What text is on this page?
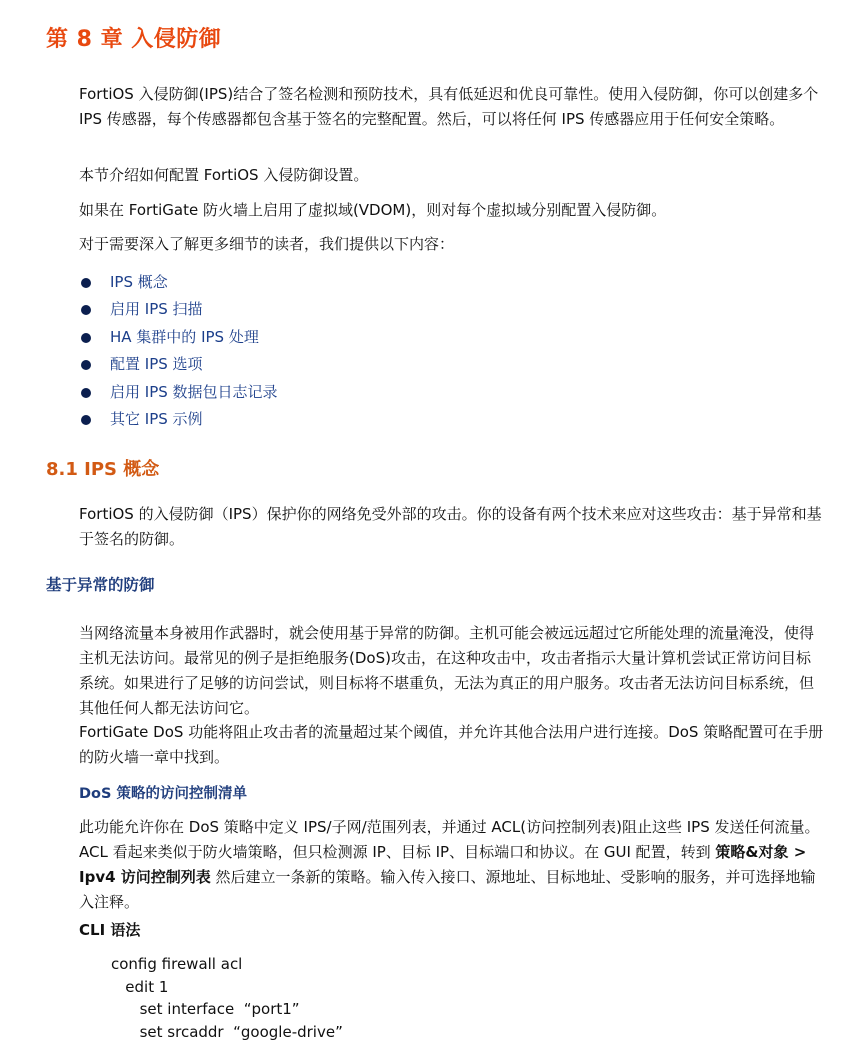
第 8 章 入侵防御

FortiOS 入侵防御(IPS)结合了签名检测和预防技术，具有低延迟和优良可靠性。使用入侵防御，你可以创建多个 IPS 传感器，每个传感器都包含基于签名的完整配置。然后，可以将任何 IPS 传感器应用于任何安全策略。

本节介绍如何配置 FortiOS 入侵防御设置。

如果在 FortiGate 防火墙上启用了虚拟域(VDOM)，则对每个虚拟域分别配置入侵防御。

对于需要深入了解更多细节的读者，我们提供以下内容：

IPS 概念
启用 IPS 扫描
HA 集群中的 IPS 处理
配置 IPS 选项
启用 IPS 数据包日志记录
其它 IPS 示例
8.1 IPS 概念

FortiOS 的入侵防御（IPS）保护你的网络免受外部的攻击。你的设备有两个技术来应对这些攻击：基于异常和基于签名的防御。

基于异常的防御

当网络流量本身被用作武器时，就会使用基于异常的防御。主机可能会被远远超过它所能处理的流量淹没，使得主机无法访问。最常见的例子是拒绝服务(DoS)攻击，在这种攻击中，攻击者指示大量计算机尝试正常访问目标系统。如果进行了足够的访问尝试，则目标将不堪重负，无法为真正的用户服务。攻击者无法访问目标系统，但其他任何人都无法访问它。

FortiGate DoS 功能将阻止攻击者的流量超过某个阈值，并允许其他合法用户进行连接。DoS 策略配置可在手册的防火墙一章中找到。

DoS 策略的访问控制清单

此功能允许你在 DoS 策略中定义 IPS/子网/范围列表，并通过 ACL(访问控制列表)阻止这些 IPS 发送任何流量。ACL 看起来类似于防火墙策略，但只检测源 IP、目标 IP、目标端口和协议。在 GUI 配置，转到 策略&对象 > Ipv4 访问控制列表 然后建立一条新的策略。输入传入接口、源地址、目标地址、受影响的服务，并可选择地输入注释。

CLI 语法
config firewall acl
edit 1
set interface  “port1”
set srcaddr  “google-drive”
